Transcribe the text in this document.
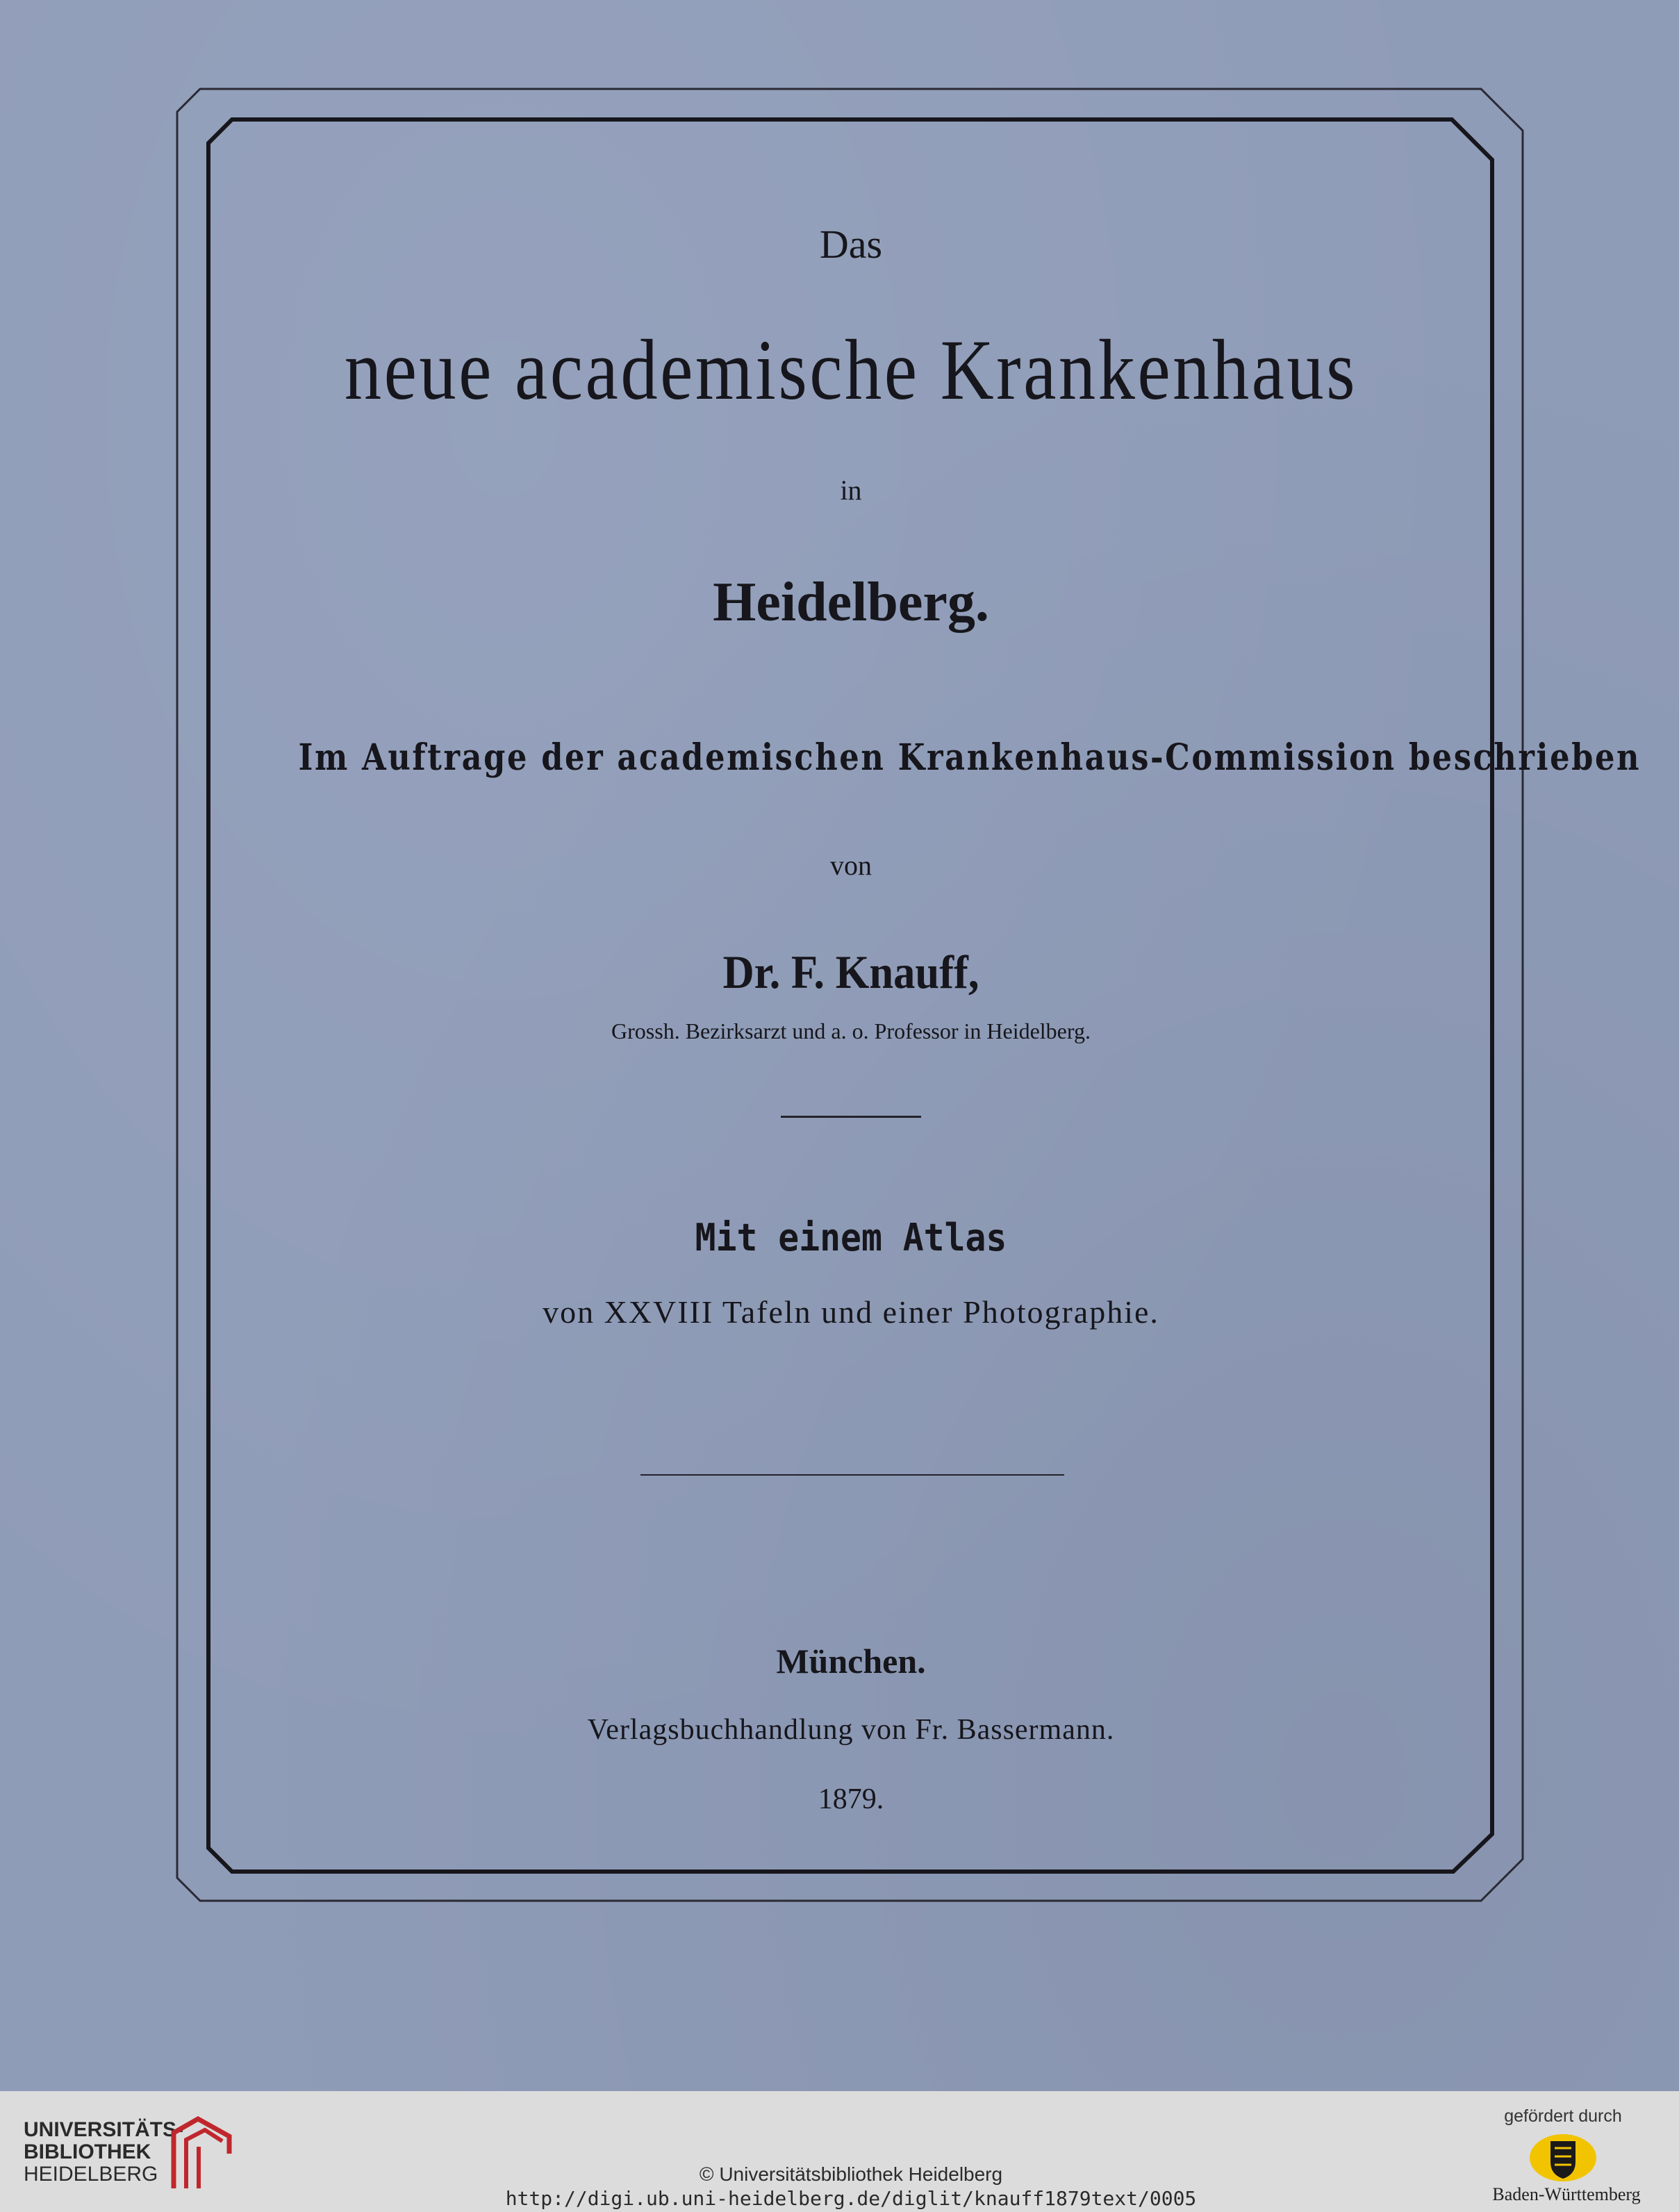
Das
neue academische Krankenhaus
in
Heidelberg.
Im Auftrage der academischen Krankenhaus-Commission beschrieben
von
Dr. F. Knauff,
Grossh. Bezirksarzt und a. o. Professor in Heidelberg.
Mit einem Atlas
von XXVIII Tafeln und einer Photographie.
München.
Verlagsbuchhandlung von Fr. Bassermann.
1879.
UNIVERSITÄTS-
BIBLIOTHEK
HEIDELBERG	© Universitätsbibliothek Heidelberg
http://digi.ub.uni-heidelberg.de/diglit/knauff1879text/0005
gefördert durch
Baden-Württemberg
